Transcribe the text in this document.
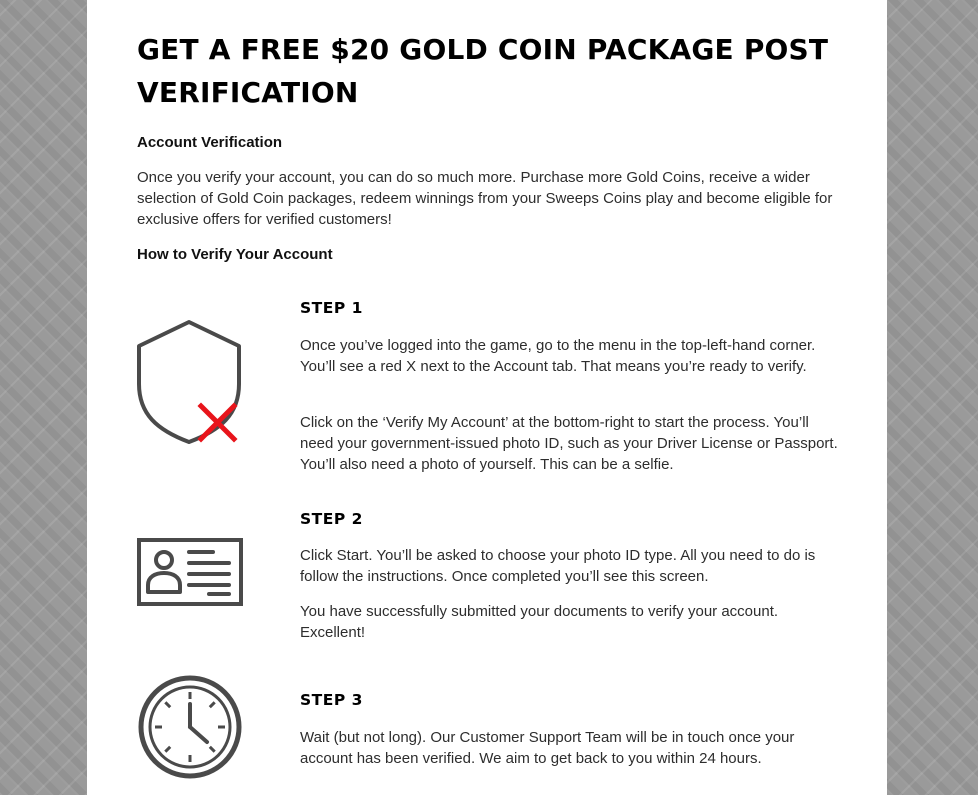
GET A FREE $20 GOLD COIN PACKAGE POST VERIFICATION
Account Verification

Once you verify your account, you can do so much more. Purchase more Gold Coins, receive a wider selection of Gold Coin packages, redeem winnings from your Sweeps Coins play and become eligible for exclusive offers for verified customers!

How to Verify Your Account
STEP 1

Once you’ve logged into the game, go to the menu in the top-left-hand corner. You’ll see a red X next to the Account tab. That means you’re ready to verify.

Click on the ‘Verify My Account’ at the bottom-right to start the process. You’ll need your government-issued photo ID, such as your Driver License or Passport. You’ll also need a photo of yourself. This can be a selfie.

STEP 2

Click Start. You’ll be asked to choose your photo ID type. All you need to do is follow the instructions. Once completed you’ll see this screen.

You have successfully submitted your documents to verify your account. Excellent!

STEP 3

Wait (but not long). Our Customer Support Team will be in touch once your account has been verified. We aim to get back to you within 24 hours.
